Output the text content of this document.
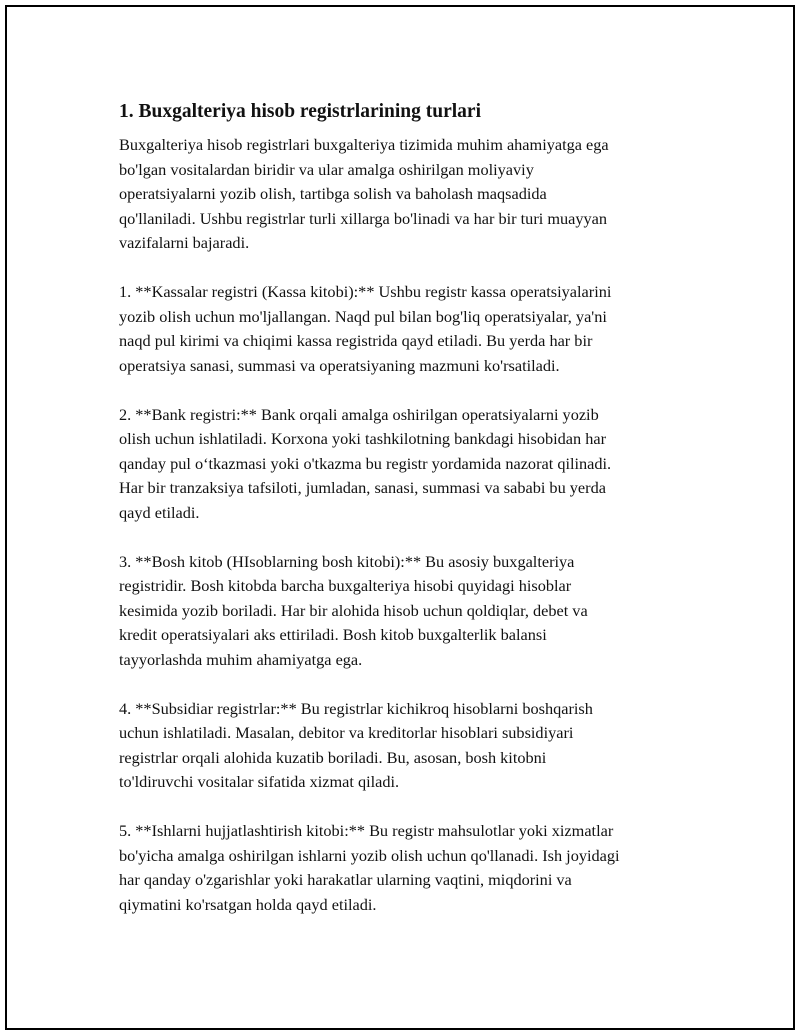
1. Buxgalteriya hisob registrlarining turlari

Buxgalteriya hisob registrlari buxgalteriya tizimida muhim ahamiyatga ega
bo'lgan vositalardan biridir va ular amalga oshirilgan moliyaviy
operatsiyalarni yozib olish, tartibga solish va baholash maqsadida
qo'llaniladi. Ushbu registrlar turli xillarga bo'linadi va har bir turi muayyan
vazifalarni bajaradi.

1. **Kassalar registri (Kassa kitobi):** Ushbu registr kassa operatsiyalarini
yozib olish uchun mo'ljallangan. Naqd pul bilan bog'liq operatsiyalar, ya'ni
naqd pul kirimi va chiqimi kassa registrida qayd etiladi. Bu yerda har bir
operatsiya sanasi, summasi va operatsiyaning mazmuni ko'rsatiladi.

2. **Bank registri:** Bank orqali amalga oshirilgan operatsiyalarni yozib
olish uchun ishlatiladi. Korxona yoki tashkilotning bankdagi hisobidan har
qanday pul o‘tkazmasi yoki o'tkazma bu registr yordamida nazorat qilinadi.
Har bir tranzaksiya tafsiloti, jumladan, sanasi, summasi va sababi bu yerda
qayd etiladi.

3. **Bosh kitob (HIsoblarning bosh kitobi):** Bu asosiy buxgalteriya
registridir. Bosh kitobda barcha buxgalteriya hisobi quyidagi hisoblar
kesimida yozib boriladi. Har bir alohida hisob uchun qoldiqlar, debet va
kredit operatsiyalari aks ettiriladi. Bosh kitob buxgalterlik balansi
tayyorlashda muhim ahamiyatga ega.

4. **Subsidiar registrlar:** Bu registrlar kichikroq hisoblarni boshqarish
uchun ishlatiladi. Masalan, debitor va kreditorlar hisoblari subsidiyari
registrlar orqali alohida kuzatib boriladi. Bu, asosan, bosh kitobni
to'ldiruvchi vositalar sifatida xizmat qiladi.

5. **Ishlarni hujjatlashtirish kitobi:** Bu registr mahsulotlar yoki xizmatlar
bo'yicha amalga oshirilgan ishlarni yozib olish uchun qo'llanadi. Ish joyidagi
har qanday o'zgarishlar yoki harakatlar ularning vaqtini, miqdorini va
qiymatini ko'rsatgan holda qayd etiladi.
